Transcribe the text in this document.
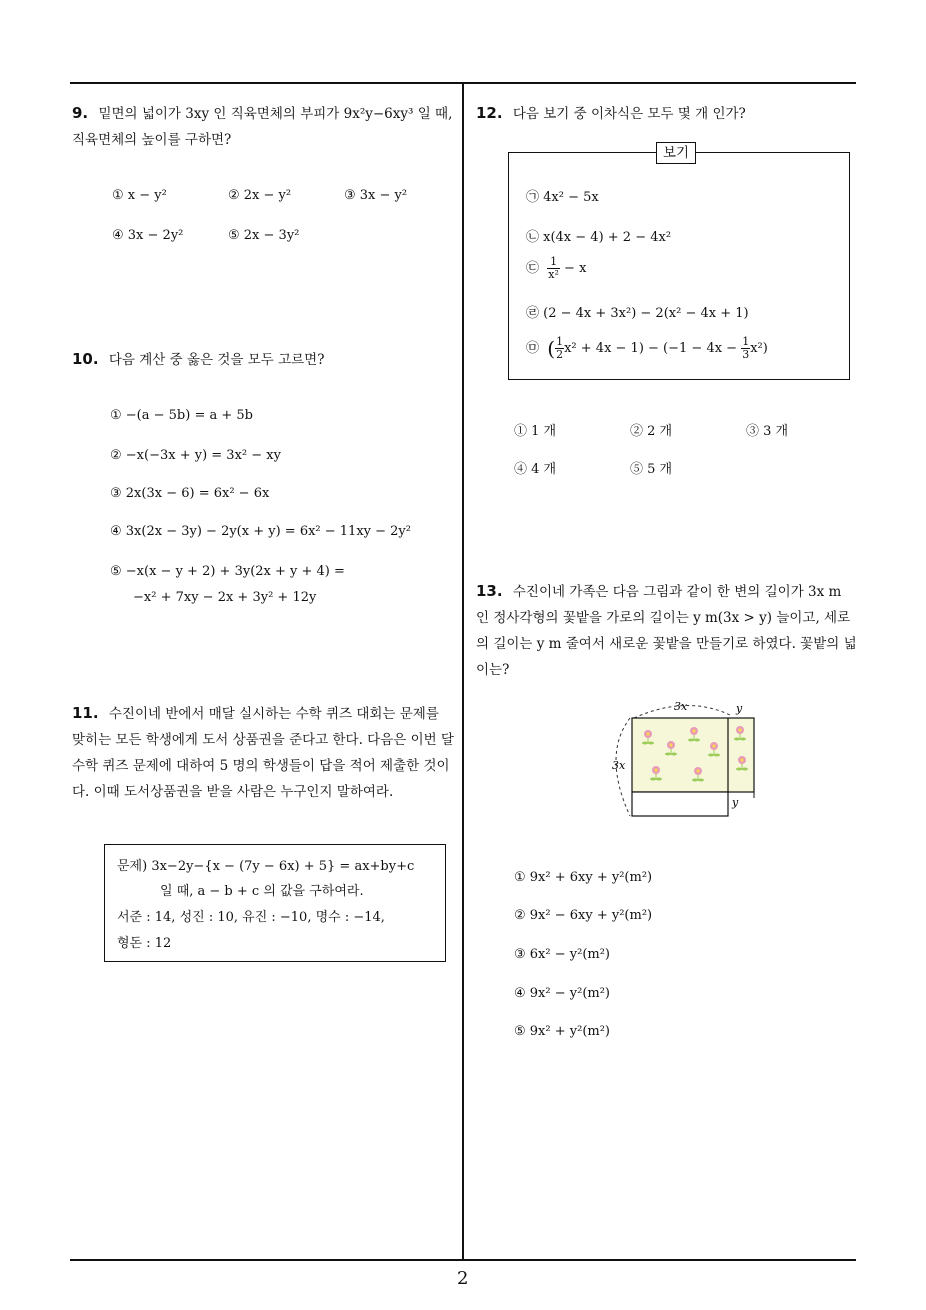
9. 밑면의 넓이가 3xy 인 직육면체의 부피가 9x²y−6xy³ 일 때, 직육면체의 높이를 구하면?
① x − y²	② 2x − y²	③ 3x − y²
④ 3x − 2y²	⑤ 2x − 3y²
10. 다음 계산 중 옳은 것을 모두 고르면?
① −(a − 5b) = a + 5b
② −x(−3x + y) = 3x² − xy
③ 2x(3x − 6) = 6x² − 6x
④ 3x(2x − 3y) − 2y(x + y) = 6x² − 11xy − 2y²
⑤ −x(x − y + 2) + 3y(2x + y + 4) =
−x² + 7xy − 2x + 3y² + 12y
11. 수진이네 반에서 매달 실시하는 수학 퀴즈 대회는 문제를 맞히는 모든 학생에게 도서 상품권을 준다고 한다. 다음은 이번 달 수학 퀴즈 문제에 대하여 5 명의 학생들이 답을 적어 제출한 것이다. 이때 도서상품권을 받을 사람은 누구인지 말하여라.
문제) 3x−2y−{x − (7y − 6x) + 5} = ax+by+c
일 때, a − b + c 의 값을 구하여라.
서준 : 14, 성진 : 10, 유진 : −10, 명수 : −14,
형돈 : 12
12. 다음 보기 중 이차식은 모두 몇 개 인가?
보기
㉠ 4x² − 5x
㉡ x(4x − 4) + 2 − 4x²
㉢ $\frac{1}{\text{x²}} - x$
㉣ (2 − 4x + 3x²) − 2(x² − 4x + 1)
㉤ ( $\frac{1}{2} x^2 + 4x - 1) - (-1 - 4x - \frac{1}{3} x^2)$
① 1 개	② 2 개	③ 3 개
④ 4 개	⑤ 5 개
13. 수진이네 가족은 다음 그림과 같이 한 변의 길이가 3x m 인 정사각형의 꽃밭을 가로의 길이는 y m(3x > y) 늘이고, 세로의 길이는 y m 줄여서 새로운 꽃밭을 만들기로 하였다. 꽃밭의 넓이는?
3x	y
3x
y
① 9x² + 6xy + y²(m²)
② 9x² − 6xy + y²(m²)
③ 6x² − y²(m²)
④ 9x² − y²(m²)
⑤ 9x² + y²(m²)
2
